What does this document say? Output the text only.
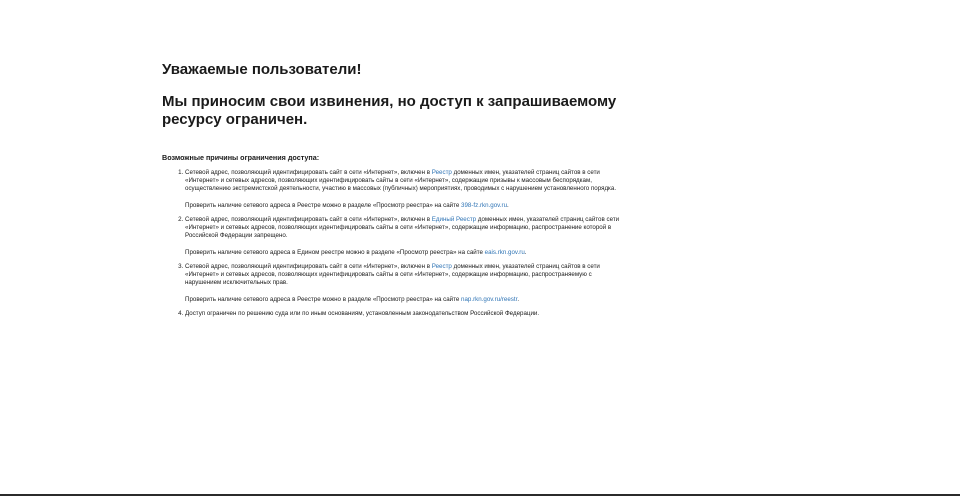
Уважаемые пользователи!
Мы приносим свои извинения, но доступ к запрашиваемому ресурсу ограничен.
Возможные причины ограничения доступа:

1. Сетевой адрес, позволяющий идентифицировать сайт в сети «Интернет», включен в Реестр доменных имен, указателей страниц сайтов в сети «Интернет» и сетевых адресов, позволяющих идентифицировать сайты в сети «Интернет», содержащие призывы к массовым беспорядкам, осуществлению экстремистской деятельности, участию в массовых (публичных) мероприятиях, проводимых с нарушением установленного порядка.

Проверить наличие сетевого адреса в Реестре можно в разделе «Просмотр реестра» на сайте 398-fz.rkn.gov.ru.

2. Сетевой адрес, позволяющий идентифицировать сайт в сети «Интернет», включен в Единый Реестр доменных имен, указателей страниц сайтов сети «Интернет» и сетевых адресов, позволяющих идентифицировать сайты в сети «Интернет», содержащие информацию, распространение которой в Российской Федерации запрещено.

Проверить наличие сетевого адреса в Едином реестре можно в разделе «Просмотр реестра» на сайте eais.rkn.gov.ru.

3. Сетевой адрес, позволяющий идентифицировать сайт в сети «Интернет», включен в Реестр доменных имен, указателей страниц сайтов в сети «Интернет» и сетевых адресов, позволяющих идентифицировать сайты в сети «Интернет», содержащие информацию, распространяемую с нарушением исключительных прав.

Проверить наличие сетевого адреса в Реестре можно в разделе «Просмотр реестра» на сайте nap.rkn.gov.ru/reestr.

4. Доступ ограничен по решению суда или по иным основаниям, установленным законодательством Российской Федерации.
